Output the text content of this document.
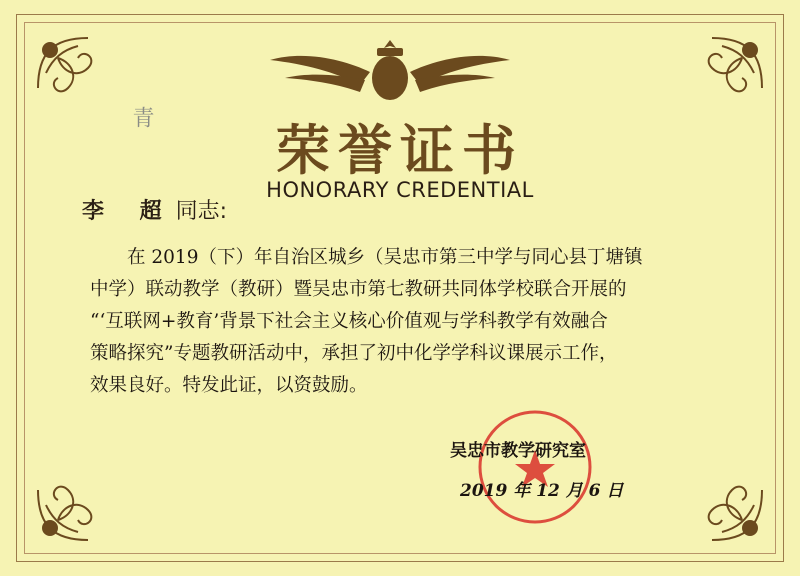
青
荣誉证书
HONORARY CREDENTIAL
李 超同志:
在 2019（下）年自治区城乡（吴忠市第三中学与同心县丁塘镇
中学）联动教学（教研）暨吴忠市第七教研共同体学校联合开展的
“‘互联网+教育’背景下社会主义核心价值观与学科教学有效融合
策略探究”专题教研活动中，承担了初中化学学科议课展示工作，
效果良好。特发此证，以资鼓励。
吴忠市教学研究室
2019 年 12 月 6 日
